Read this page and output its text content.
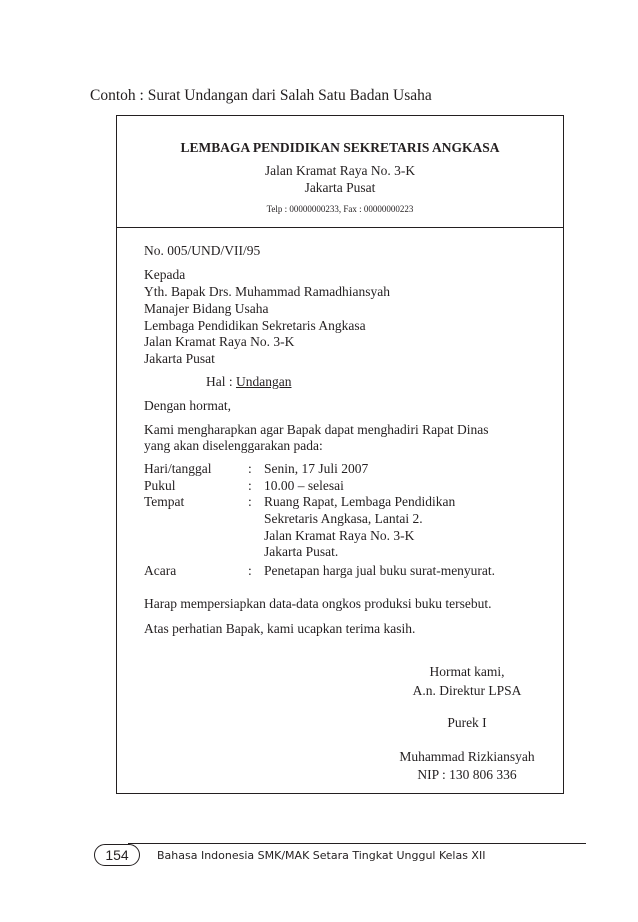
Contoh : Surat Undangan dari Salah Satu Badan Usaha
LEMBAGA PENDIDIKAN SEKRETARIS ANGKASA
Jalan Kramat Raya No. 3-K
Jakarta Pusat
Telp : 00000000233, Fax : 00000000223
No. 005/UND/VII/95
Kepada
Yth. Bapak Drs. Muhammad Ramadhiansyah
Manajer Bidang Usaha
Lembaga Pendidikan Sekretaris Angkasa
Jalan Kramat Raya No. 3-K
Jakarta Pusat
Hal : Undangan
Dengan hormat,
Kami mengharapkan agar Bapak dapat menghadiri Rapat Dinas
yang akan diselenggarakan pada:
Hari/tanggal	: Senin, 17 Juli 2007
Pukul	: 10.00 – selesai
Tempat	: Ruang Rapat, Lembaga Pendidikan
Sekretaris Angkasa, Lantai 2.
Jalan Kramat Raya No. 3-K
Jakarta Pusat.
Acara	: Penetapan harga jual buku surat-menyurat.
Harap mempersiapkan data-data ongkos produksi buku tersebut.
Atas perhatian Bapak, kami ucapkan terima kasih.
Hormat kami,
A.n. Direktur LPSA
Purek I
Muhammad Rizkiansyah
NIP : 130 806 336
154	Bahasa Indonesia SMK/MAK Setara Tingkat Unggul Kelas XII
